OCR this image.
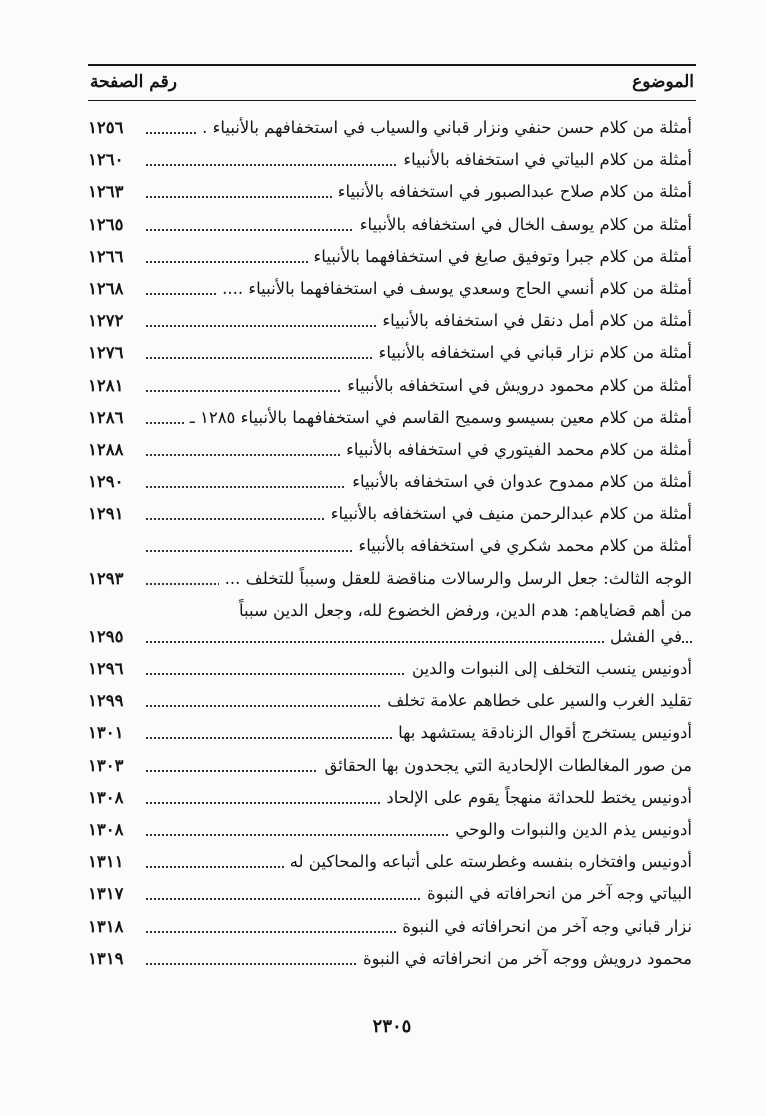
الموضوع
رقم الصفحة
أمثلة من كلام حسن حنفي ونزار قباني والسياب في استخفافهم بالأنبياء .
١٢٥٦
أمثلة من كلام البياتي في استخفافه بالأنبياء
١٢٦٠
أمثلة من كلام صلاح عبدالصبور في استخفافه بالأنبياء
١٢٦٣
أمثلة من كلام يوسف الخال في استخفافه بالأنبياء
١٢٦٥
أمثلة من كلام جبرا وتوفيق صايغ في استخفافهما بالأنبياء
١٢٦٦
أمثلة من كلام أنسي الحاج وسعدي يوسف في استخفافهما بالأنبياء ....
١٢٦٨
أمثلة من كلام أمل دنقل في استخفافه بالأنبياء
١٢٧٢
أمثلة من كلام نزار قباني في استخفافه بالأنبياء
١٢٧٦
أمثلة من كلام محمود درويش في استخفافه بالأنبياء
١٢٨١
أمثلة من كلام معين بسيسو وسميح القاسم في استخفافهما بالأنبياء ١٢٨٥ ـ
١٢٨٦
أمثلة من كلام محمد الفيتوري في استخفافه بالأنبياء
١٢٨٨
أمثلة من كلام ممدوح عدوان في استخفافه بالأنبياء
١٢٩٠
أمثلة من كلام عبدالرحمن منيف في استخفافه بالأنبياء
١٢٩١
أمثلة من كلام محمد شكري في استخفافه بالأنبياء
الوجه الثالث: جعل الرسل والرسالات مناقضة للعقل وسبباً للتخلف ...
١٢٩٣
من أهم قضاياهم: هدم الدين، ورفض الخضوع لله، وجعل الدين سبباً
في الفشل
١٢٩٥
أدونيس ينسب التخلف إلى النبوات والدين
١٢٩٦
تقليد الغرب والسير على خطاهم علامة تخلف
١٢٩٩
أدونيس يستخرج أقوال الزنادقة يستشهد بها
١٣٠١
من صور المغالطات الإلحادية التي يجحدون بها الحقائق
١٣٠٣
أدونيس يختط للحداثة منهجاً يقوم على الإلحاد
١٣٠٨
أدونيس يذم الدين والنبوات والوحي
١٣٠٨
أدونيس وافتخاره بنفسه وغطرسته على أتباعه والمحاكين له
١٣١١
البياتي وجه آخر من انحرافاته في النبوة
١٣١٧
نزار قباني وجه آخر من انحرافاته في النبوة
١٣١٨
محمود درويش ووجه آخر من انحرافاته في النبوة
١٣١٩
٢٣٠٥
